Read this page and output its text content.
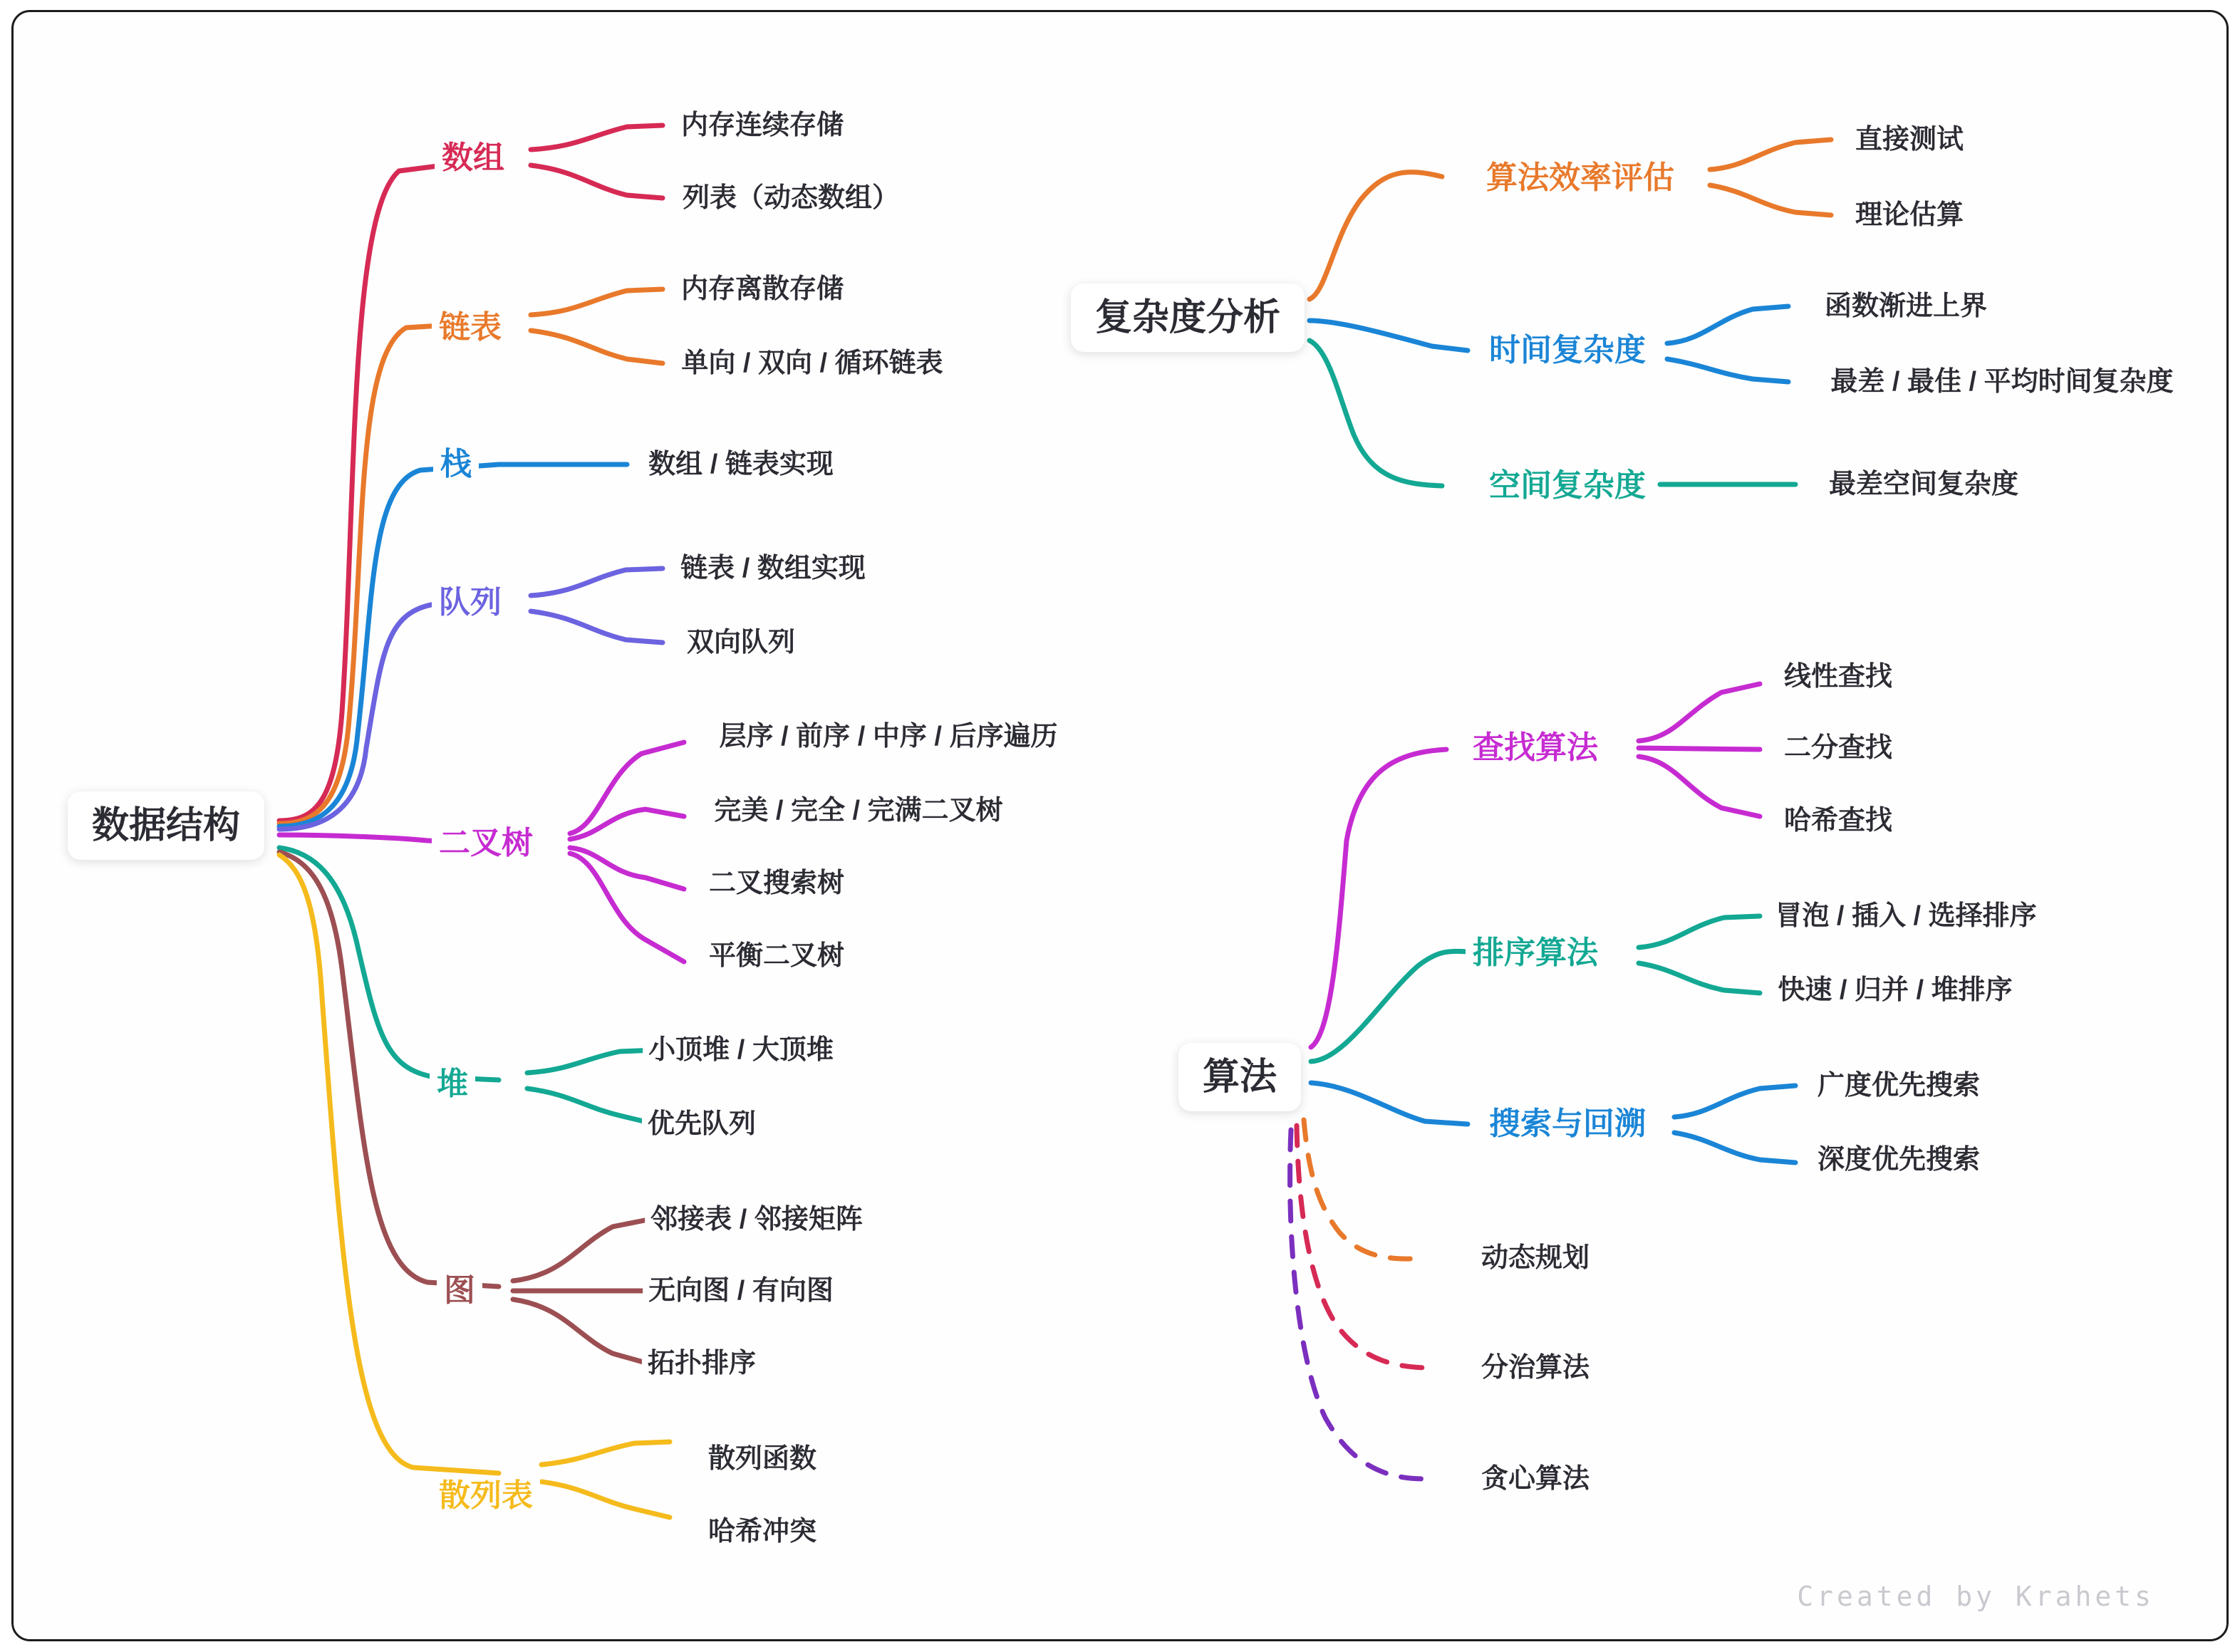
数据结构
复杂度分析
算法
数组
内存连续存储
列表（动态数组）
链表
内存离散存储
单向 / 双向 / 循环链表
栈	数组 / 链表实现
队列
链表 / 数组实现
双向队列
二叉树
层序 / 前序 / 中序 / 后序遍历
完美 / 完全 / 完满二叉树
二叉搜索树
平衡二叉树
堆
小顶堆 / 大顶堆
优先队列
图
邻接表 / 邻接矩阵
无向图 / 有向图
拓扑排序
散列表
散列函数
哈希冲突
算法效率评估
直接测试
理论估算
时间复杂度
函数渐进上界
最差 / 最佳 / 平均时间复杂度
空间复杂度	最差空间复杂度
查找算法
线性查找
二分查找
哈希查找
排序算法
冒泡 / 插入 / 选择排序
快速 / 归并 / 堆排序
搜索与回溯
广度优先搜索
深度优先搜索
动态规划
分治算法
贪心算法
Created by Krahets
